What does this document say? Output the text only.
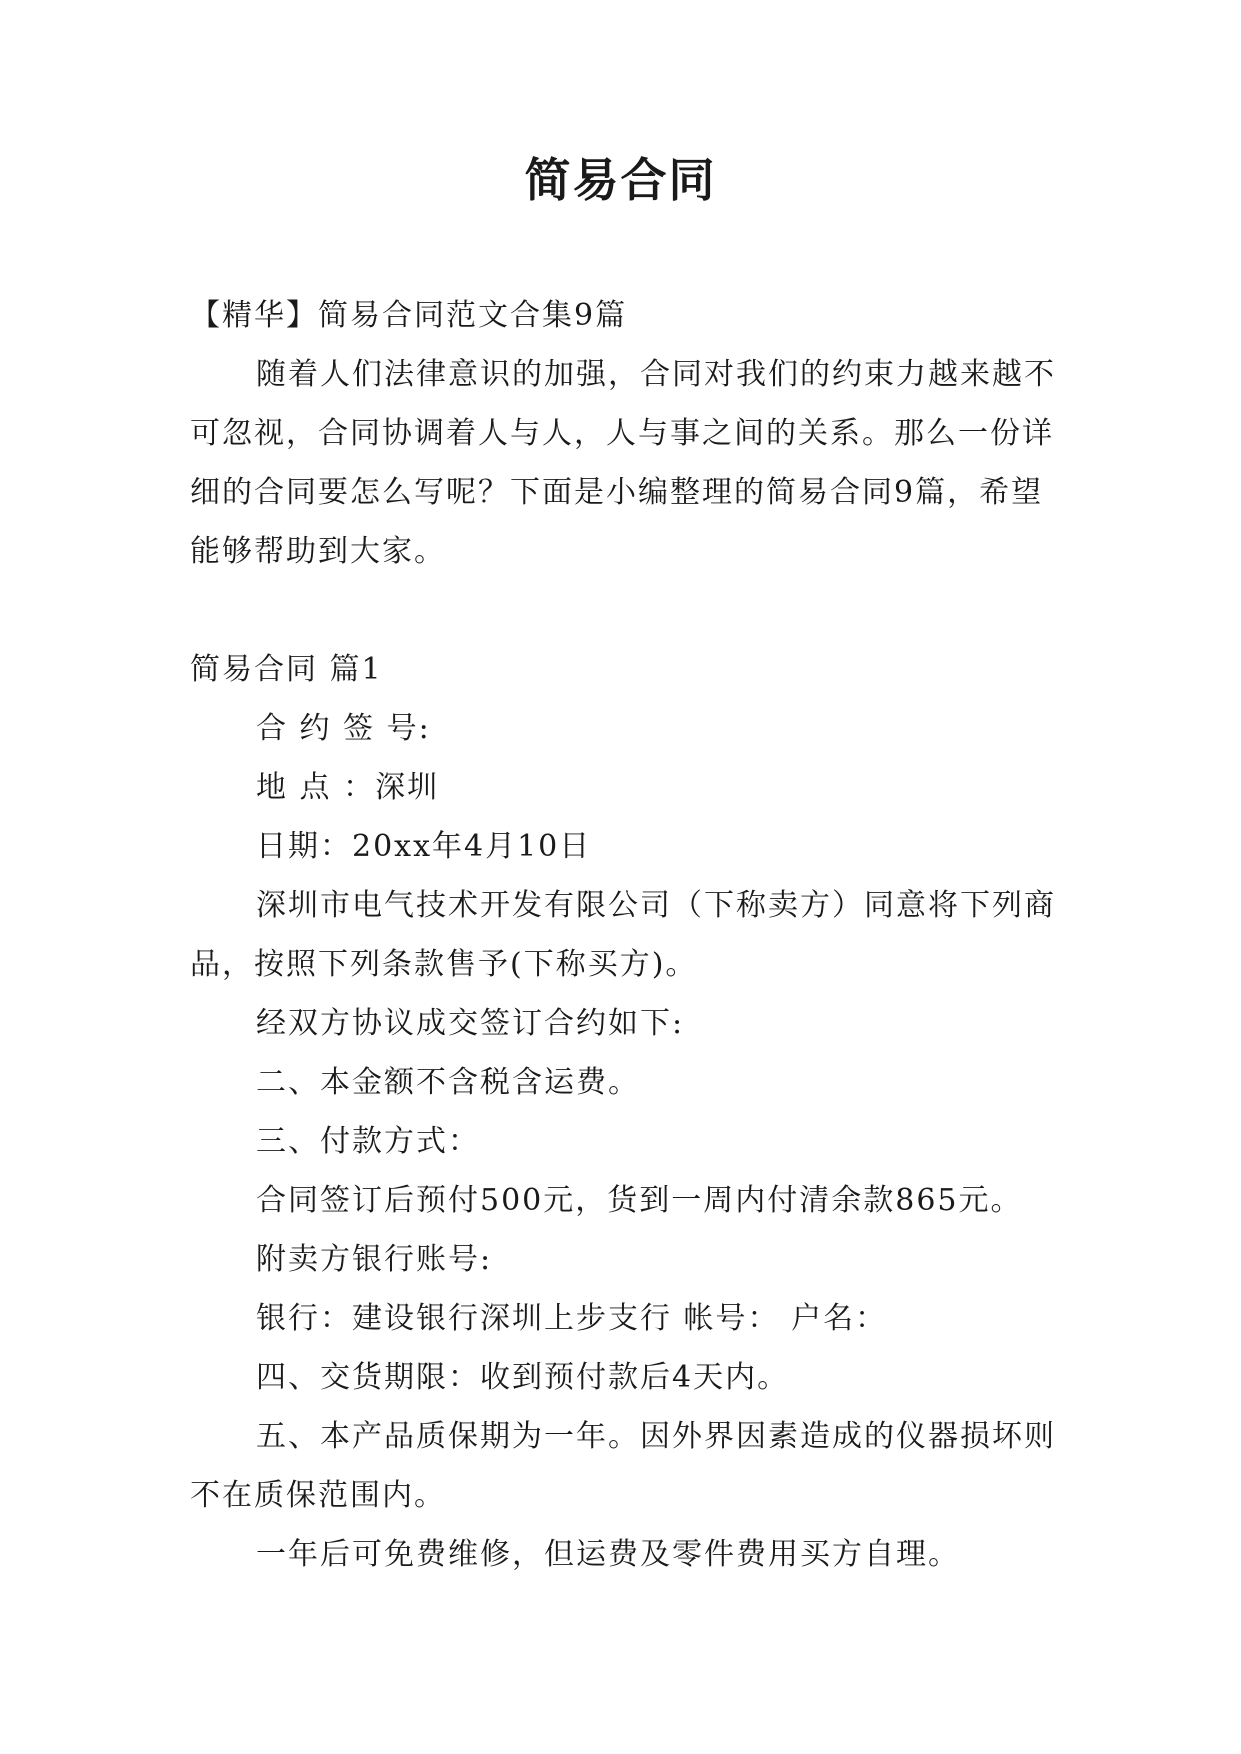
简易合同

【精华】简易合同范文合集9篇

随着人们法律意识的加强，合同对我们的约束力越来越不可忽视，合同协调着人与人，人与事之间的关系。那么一份详细的合同要怎么写呢？下面是小编整理的简易合同9篇，希望能够帮助到大家。

简易合同 篇1

合 约 签 号:

地 点 ：深圳

日期：20xx年4月10日

深圳市电气技术开发有限公司（下称卖方）同意将下列商品，按照下列条款售予(下称买方)。

经双方协议成交签订合约如下:

二、本金额不含税含运费。

三、付款方式：

合同签订后预付500元，货到一周内付清余款865元。

附卖方银行账号:

银行：建设银行深圳上步支行 帐号： 户名：

四、交货期限：收到预付款后4天内。

五、本产品质保期为一年。因外界因素造成的仪器损坏则不在质保范围内。

一年后可免费维修，但运费及零件费用买方自理。
